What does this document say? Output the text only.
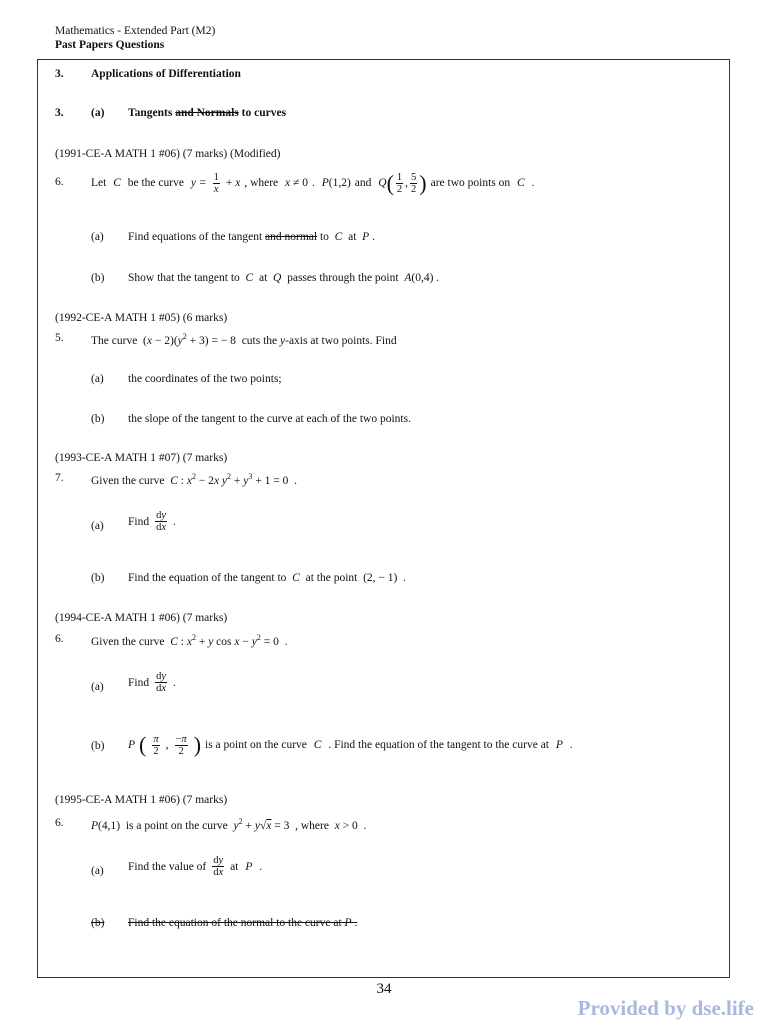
Mathematics - Extended Part (M2)
Past Papers Questions
3. Applications of Differentiation
3. (a) Tangents and Normals to curves
(1991-CE-A MATH 1 #06) (7 marks) (Modified)
6. Let C be the curve $y = \frac{1}{x} + x$ , where x ≠ 0 . P(1,2) and $Q( \frac{1}{2}$ , $\frac{5}{2}$ ) are two points on C .
(a) Find equations of the tangent and normal to  C  at  P .
(b) Show that the tangent to  C  at  Q  passes through the point A(0,4) .
(1992-CE-A MATH 1 #05) (6 marks)
5. The curve  $(x - 2)(y^2 + 3)$ = − 8  cuts the y-axis at two points. Find
(a) the coordinates of the two points;
(b) the slope of the tangent to the curve at each of the two points.
(1993-CE-A MATH 1 #07) (7 marks)
7. Given the curve C : $x^2 - 2x$ $y^2 + y^3 + 1 = 0$  .
(a) Find $\frac{dy}{dx}$ .
(b) Find the equation of the tangent to  C  at the point  (2, − 1)  .
(1994-CE-A MATH 1 #06) (7 marks)
6. Given the curve C : $x^2 + y$ $\cos x - y^2 = 0$  .
(a) Find $\frac{dy}{dx}$ .
(b) P ( $\frac{\pi}{2}$ , $\frac{-\pi}{2}$ ) is a point on the curve C . Find the equation of the tangent to the curve at P .
(1995-CE-A MATH 1 #06) (7 marks)
6. P(4,1)  is a point on the curve $y^2 + y√x = 3$  , where x > 0  .
(a) Find the value of $\frac{dy}{dx}$ at P .
(b) Find the equation of the normal to the curve at P .
34
Provided by dse.life
